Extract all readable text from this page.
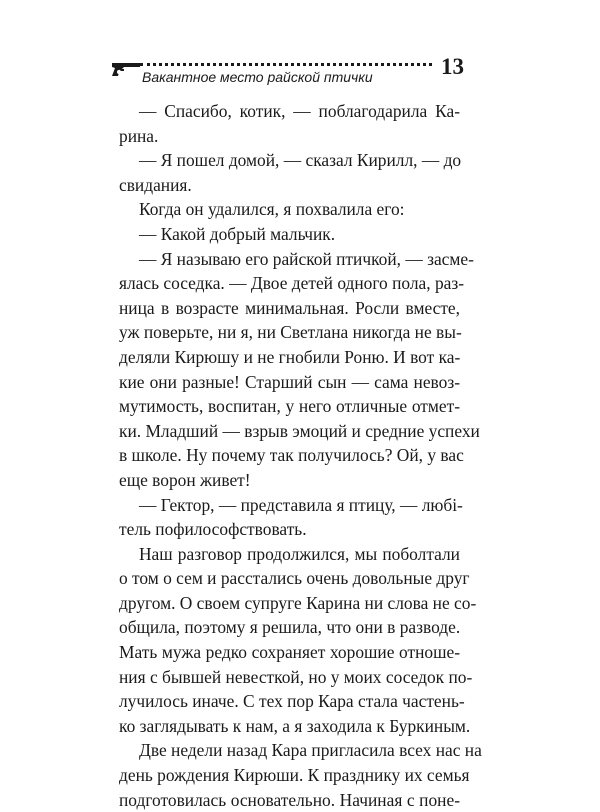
Вакантное место райской птички	13
— Спасибо, котик, — поблагодарила Ка-
рина.
— Я пошел домой, — сказал Кирилл, — до
свидания.
Когда он удалился, я похвалила его:
— Какой добрый мальчик.
— Я называю его райской птичкой, — засме-
ялась соседка. — Двое детей одного пола, раз-
ница в возрасте минимальная. Росли вместе,
уж поверьте, ни я, ни Светлана никогда не вы-
деляли Кирюшу и не гнобили Роню. И вот ка-
кие они разные! Старший сын — сама невоз-
мутимость, воспитан, у него отличные отмет-
ки. Младший — взрыв эмоций и средние успехи
в школе. Ну почему так получилось? Ой, у вас
еще ворон живет!
— Гектор, — представила я птицу, — любі-
тель пофилософствовать.
Наш разговор продолжился, мы поболтали
о том о сем и расстались очень довольные друг
другом. О своем супруге Карина ни слова не со-
общила, поэтому я решила, что они в разводе.
Мать мужа редко сохраняет хорошие отноше-
ния с бывшей невесткой, но у моих соседок по-
лучилось иначе. С тех пор Кара стала частень-
ко заглядывать к нам, а я заходила к Буркиным.
Две недели назад Кара пригласила всех нас на
день рождения Кирюши. К празднику их семья
подготовилась основательно. Начиная с поне-
